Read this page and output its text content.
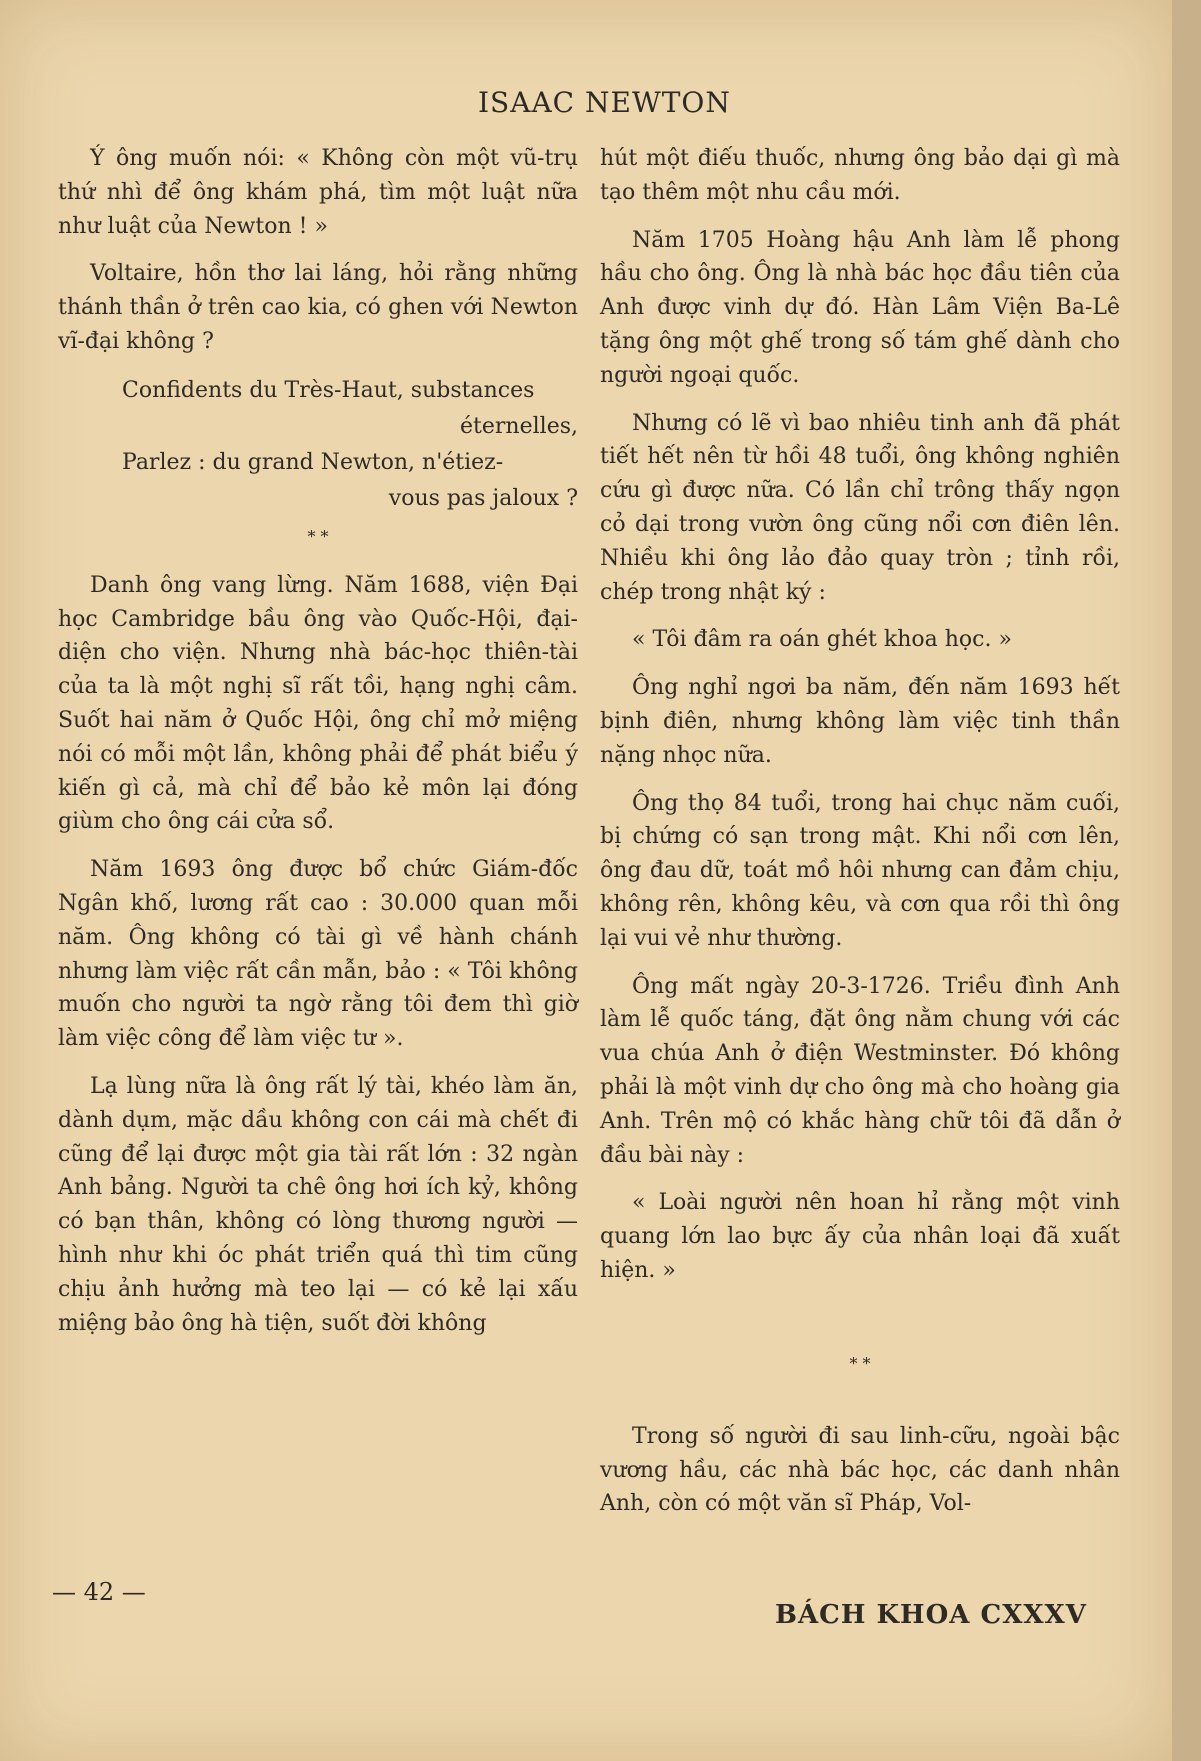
ISAAC NEWTON

Ý ông muốn nói: « Không còn một vũ-trụ thứ nhì để ông khám phá, tìm một luật nữa như luật của Newton ! »

Voltaire, hồn thơ lai láng, hỏi rằng những thánh thần ở trên cao kia, có ghen với Newton vĩ-đại không ?

Confidents du Très-Haut, substances
éternelles,
Parlez : du grand Newton, n'étiez-
vous pas jaloux ?
* *

Danh ông vang lừng. Năm 1688, viện Đại học Cambridge bầu ông vào Quốc-Hội, đại-diện cho viện. Nhưng nhà bác-học thiên-tài của ta là một nghị sĩ rất tồi, hạng nghị câm. Suốt hai năm ở Quốc Hội, ông chỉ mở miệng nói có mỗi một lần, không phải để phát biểu ý kiến gì cả, mà chỉ để bảo kẻ môn lại đóng giùm cho ông cái cửa sổ.

Năm 1693 ông được bổ chức Giám-đốc Ngân khố, lương rất cao : 30.000 quan mỗi năm. Ông không có tài gì về hành chánh nhưng làm việc rất cần mẫn, bảo : « Tôi không muốn cho người ta ngờ rằng tôi đem thì giờ làm việc công để làm việc tư ».

Lạ lùng nữa là ông rất lý tài, khéo làm ăn, dành dụm, mặc dầu không con cái mà chết đi cũng để lại được một gia tài rất lớn : 32 ngàn Anh bảng. Người ta chê ông hơi ích kỷ, không có bạn thân, không có lòng thương người — hình như khi óc phát triển quá thì tim cũng chịu ảnh hưởng mà teo lại — có kẻ lại xấu miệng bảo ông hà tiện, suốt đời không

hút một điếu thuốc, nhưng ông bảo dại gì mà tạo thêm một nhu cầu mới.

Năm 1705 Hoàng hậu Anh làm lễ phong hầu cho ông. Ông là nhà bác học đầu tiên của Anh được vinh dự đó. Hàn Lâm Viện Ba-Lê tặng ông một ghế trong số tám ghế dành cho người ngoại quốc.

Nhưng có lẽ vì bao nhiêu tinh anh đã phát tiết hết nên từ hồi 48 tuổi, ông không nghiên cứu gì được nữa. Có lần chỉ trông thấy ngọn cỏ dại trong vườn ông cũng nổi cơn điên lên. Nhiều khi ông lảo đảo quay tròn ; tỉnh rồi, chép trong nhật ký :

« Tôi đâm ra oán ghét khoa học. »

Ông nghỉ ngơi ba năm, đến năm 1693 hết bịnh điên, nhưng không làm việc tinh thần nặng nhọc nữa.

Ông thọ 84 tuổi, trong hai chục năm cuối, bị chứng có sạn trong mật. Khi nổi cơn lên, ông đau dữ, toát mồ hôi nhưng can đảm chịu, không rên, không kêu, và cơn qua rồi thì ông lại vui vẻ như thường.

Ông mất ngày 20-3-1726. Triều đình Anh làm lễ quốc táng, đặt ông nằm chung với các vua chúa Anh ở điện Westminster. Đó không phải là một vinh dự cho ông mà cho hoàng gia Anh. Trên mộ có khắc hàng chữ tôi đã dẫn ở đầu bài này :

« Loài người nên hoan hỉ rằng một vinh quang lớn lao bực ấy của nhân loại đã xuất hiện. »

* *

Trong số người đi sau linh-cữu, ngoài bậc vương hầu, các nhà bác học, các danh nhân Anh, còn có một văn sĩ Pháp, Vol-

— 42 —
BÁCH KHOA CXXXV
